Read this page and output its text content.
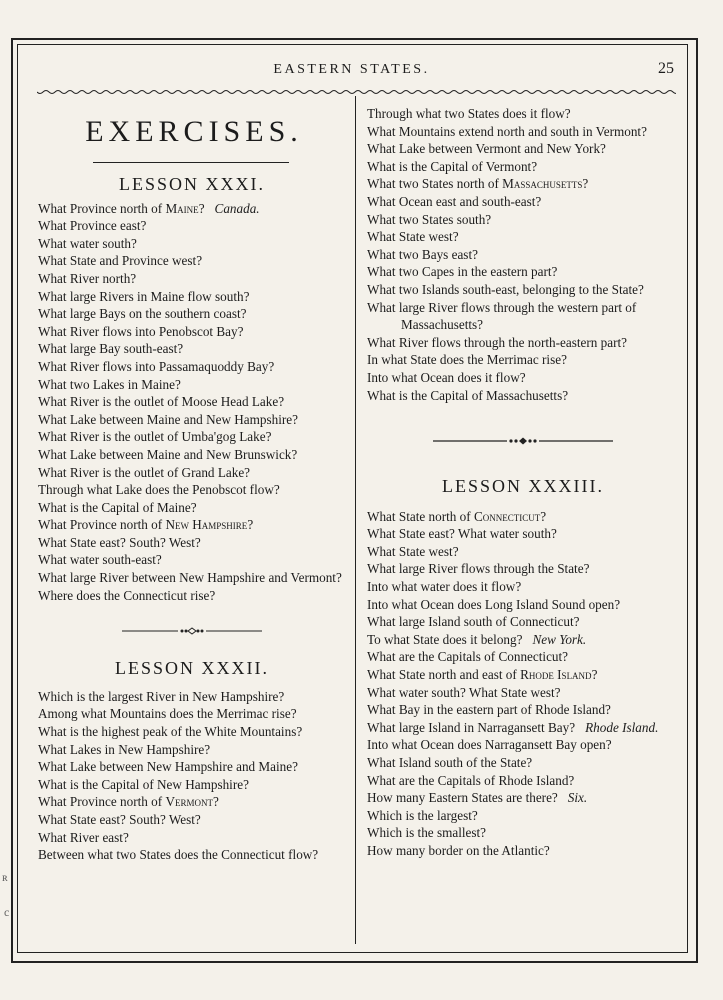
EASTERN STATES.	25
EXERCISES.
LESSON XXXI.

What Province north of Maine? Canada.

What Province east?

What water south?

What State and Province west?

What River north?

What large Rivers in Maine flow south?

What large Bays on the southern coast?

What River flows into Penobscot Bay?

What large Bay south-east?

What River flows into Passamaquoddy Bay?

What two Lakes in Maine?

What River is the outlet of Moose Head Lake?

What Lake between Maine and New Hampshire?

What River is the outlet of Umba'gog Lake?

What Lake between Maine and New Brunswick?

What River is the outlet of Grand Lake?

Through what Lake does the Penobscot flow?

What is the Capital of Maine?

What Province north of New Hampshire?

What State east? South? West?

What water south-east?

What large River between New Hampshire and Vermont?

Where does the Connecticut rise?

LESSON XXXII.

Which is the largest River in New Hampshire?

Among what Mountains does the Merrimac rise?

What is the highest peak of the White Mountains?

What Lakes in New Hampshire?

What Lake between New Hampshire and Maine?

What is the Capital of New Hampshire?

What Province north of Vermont?

What State east? South? West?

What River east?

Between what two States does the Connecticut flow?

Through what two States does it flow?

What Mountains extend north and south in Vermont?

What Lake between Vermont and New York?

What is the Capital of Vermont?

What two States north of Massachusetts?

What Ocean east and south-east?

What two States south?

What State west?

What two Bays east?

What two Capes in the eastern part?

What two Islands south-east, belonging to the State?

What large River flows through the western part of Massachusetts?

What River flows through the north-eastern part?

In what State does the Merrimac rise?

Into what Ocean does it flow?

What is the Capital of Massachusetts?

LESSON XXXIII.

What State north of Connecticut?

What State east? What water south?

What State west?

What large River flows through the State?

Into what water does it flow?

Into what Ocean does Long Island Sound open?

What large Island south of Connecticut?

To what State does it belong? New York.

What are the Capitals of Connecticut?

What State north and east of Rhode Island?

What water south? What State west?

What Bay in the eastern part of Rhode Island?

What large Island in Narragansett Bay? Rhode Island.

Into what Ocean does Narragansett Bay open?

What Island south of the State?

What are the Capitals of Rhode Island?

How many Eastern States are there? Six.

Which is the largest?

Which is the smallest?

How many border on the Atlantic?

ʀ
c
